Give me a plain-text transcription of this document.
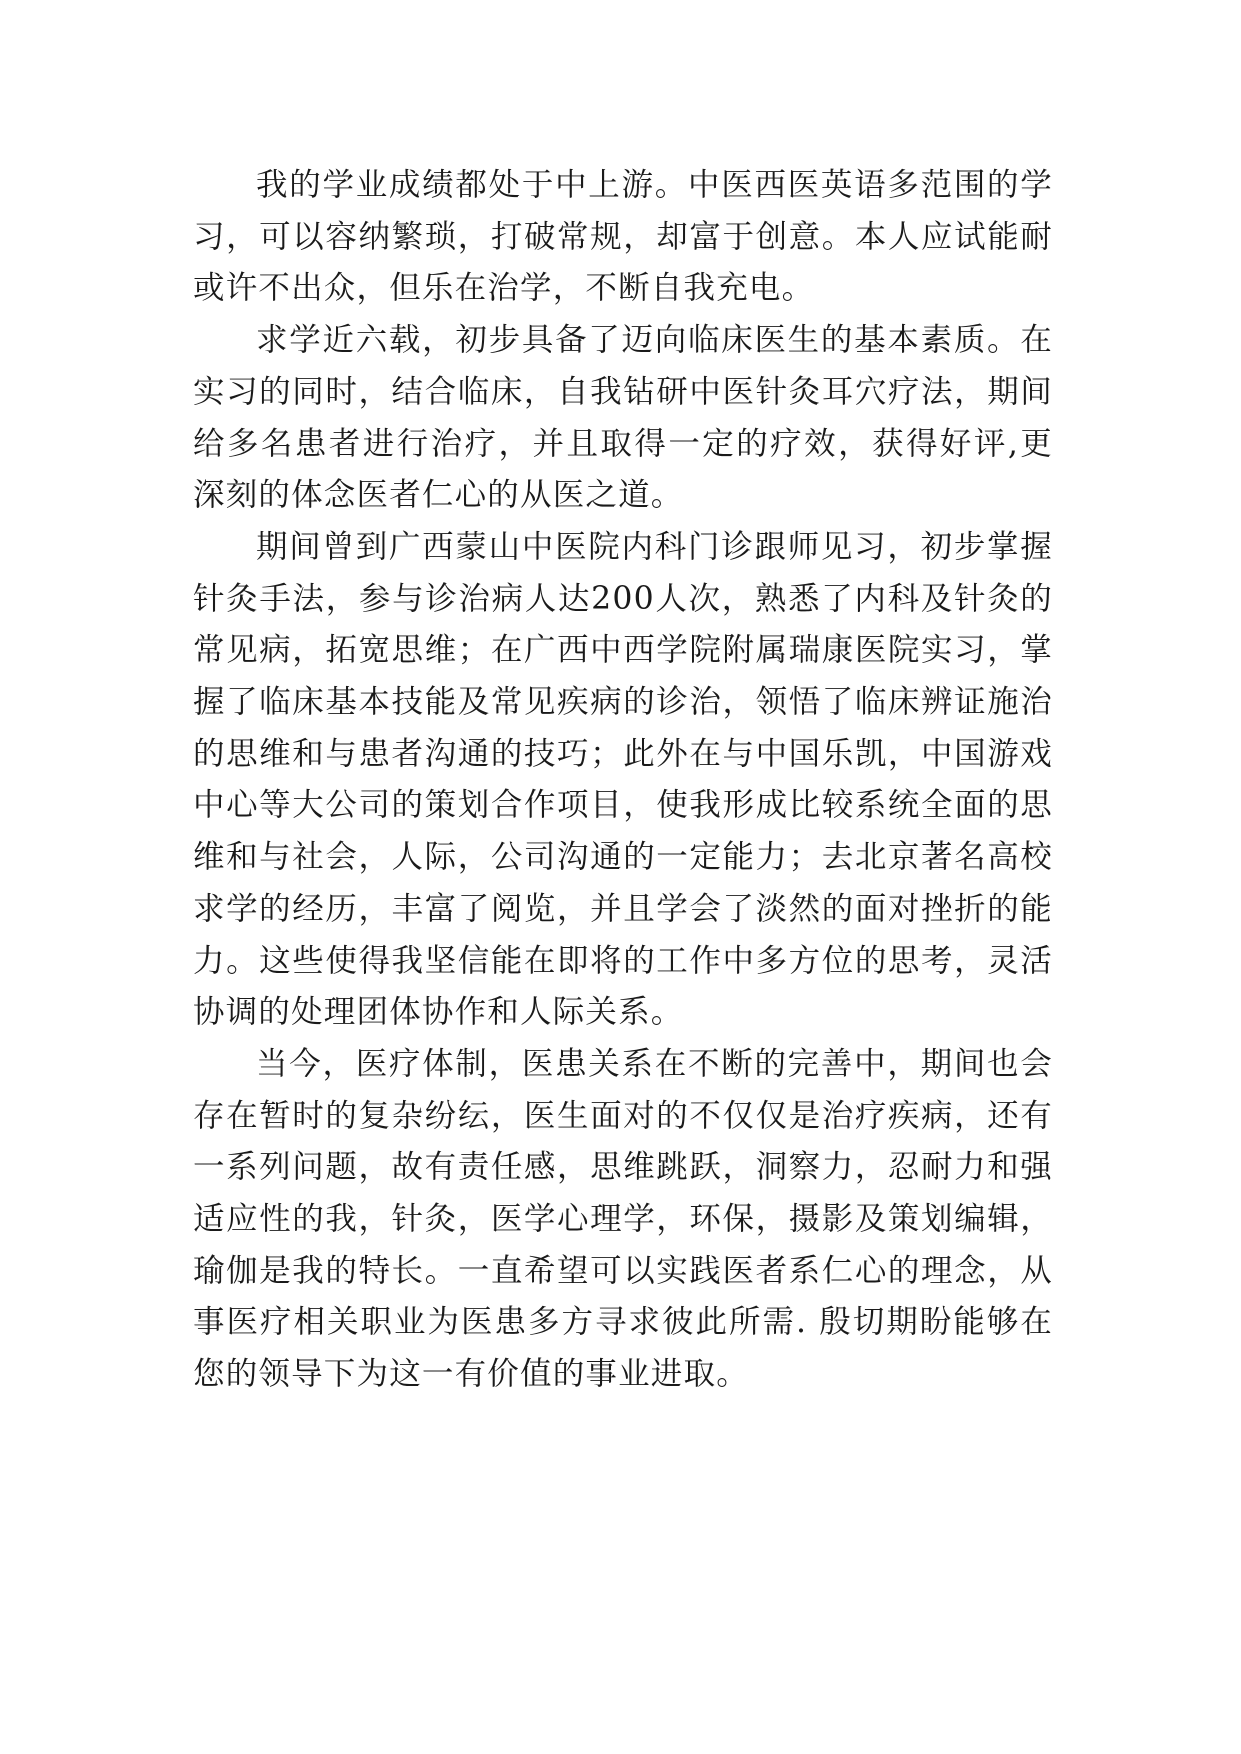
我的学业成绩都处于中上游。中医西医英语多范围的学习，可以容纳繁琐，打破常规，却富于创意。本人应试能耐或许不出众，但乐在治学，不断自我充电。

求学近六载，初步具备了迈向临床医生的基本素质。在实习的同时，结合临床，自我钻研中医针灸耳穴疗法，期间给多名患者进行治疗，并且取得一定的疗效，获得好评,更深刻的体念医者仁心的从医之道。

期间曾到广西蒙山中医院内科门诊跟师见习，初步掌握针灸手法，参与诊治病人达200人次，熟悉了内科及针灸的常见病，拓宽思维；在广西中西学院附属瑞康医院实习，掌握了临床基本技能及常见疾病的诊治，领悟了临床辨证施治的思维和与患者沟通的技巧；此外在与中国乐凯，中国游戏中心等大公司的策划合作项目，使我形成比较系统全面的思维和与社会，人际，公司沟通的一定能力；去北京著名高校求学的经历，丰富了阅览，并且学会了淡然的面对挫折的能力。这些使得我坚信能在即将的工作中多方位的思考，灵活协调的处理团体协作和人际关系。

当今，医疗体制，医患关系在不断的完善中，期间也会存在暂时的复杂纷纭，医生面对的不仅仅是治疗疾病，还有一系列问题，故有责任感，思维跳跃，洞察力，忍耐力和强适应性的我，针灸，医学心理学，环保，摄影及策划编辑，瑜伽是我的特长。一直希望可以实践医者系仁心的理念，从事医疗相关职业为医患多方寻求彼此所需. 殷切期盼能够在您的领导下为这一有价值的事业进取。
